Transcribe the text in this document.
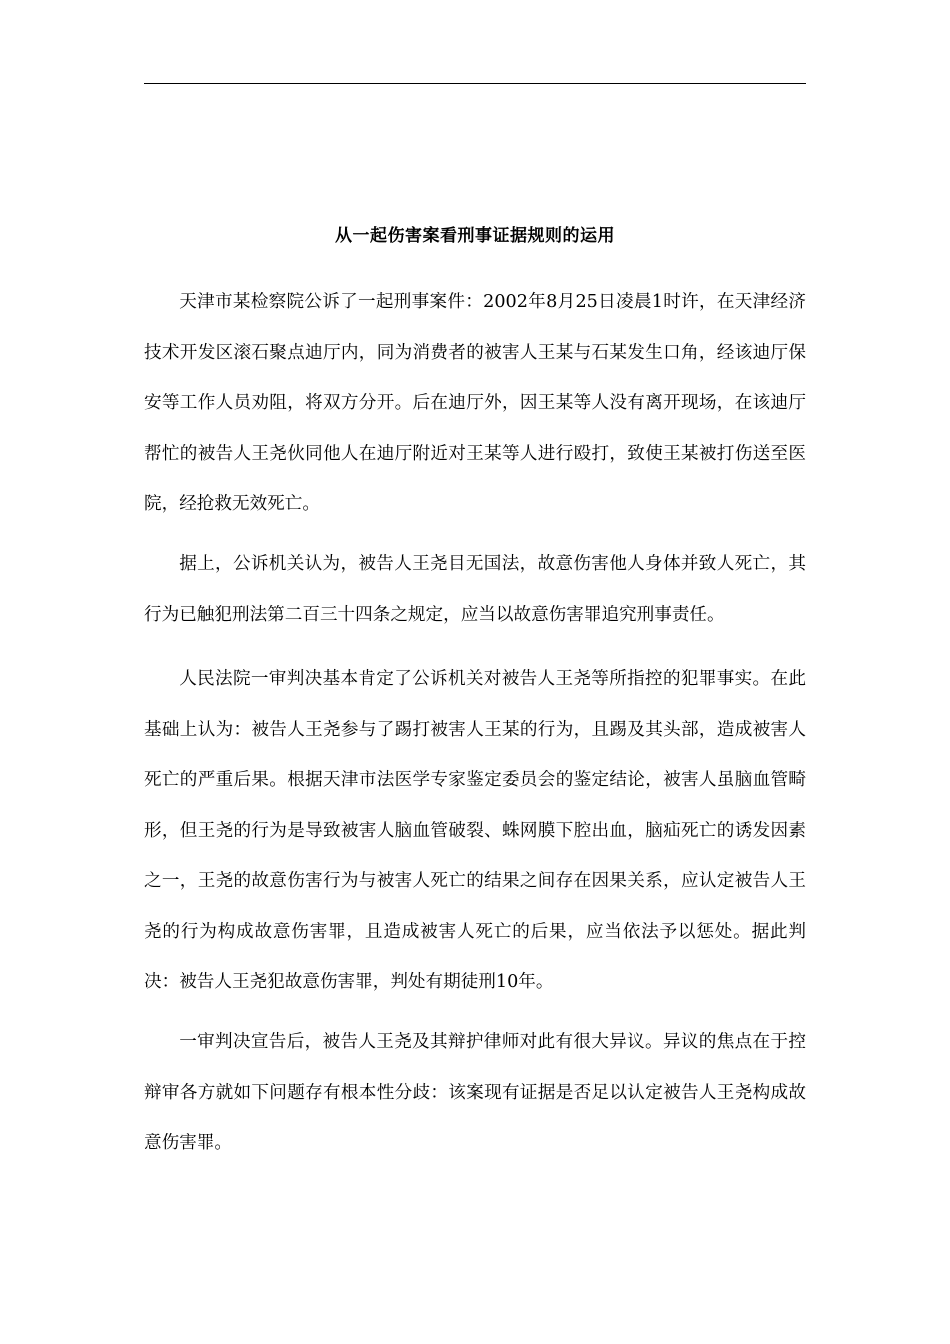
从一起伤害案看刑事证据规则的运用

天津市某检察院公诉了一起刑事案件：2002年8月25日凌晨1时许，在天津经济技术开发区滚石聚点迪厅内，同为消费者的被害人王某与石某发生口角，经该迪厅保安等工作人员劝阻，将双方分开。后在迪厅外，因王某等人没有离开现场，在该迪厅帮忙的被告人王尧伙同他人在迪厅附近对王某等人进行殴打，致使王某被打伤送至医院，经抢救无效死亡。

据上，公诉机关认为，被告人王尧目无国法，故意伤害他人身体并致人死亡，其行为已触犯刑法第二百三十四条之规定，应当以故意伤害罪追究刑事责任。

人民法院一审判决基本肯定了公诉机关对被告人王尧等所指控的犯罪事实。在此基础上认为：被告人王尧参与了踢打被害人王某的行为，且踢及其头部，造成被害人死亡的严重后果。根据天津市法医学专家鉴定委员会的鉴定结论，被害人虽脑血管畸形，但王尧的行为是导致被害人脑血管破裂、蛛网膜下腔出血，脑疝死亡的诱发因素之一，王尧的故意伤害行为与被害人死亡的结果之间存在因果关系，应认定被告人王尧的行为构成故意伤害罪，且造成被害人死亡的后果，应当依法予以惩处。据此判决：被告人王尧犯故意伤害罪，判处有期徒刑10年。

一审判决宣告后，被告人王尧及其辩护律师对此有很大异议。异议的焦点在于控辩审各方就如下问题存有根本性分歧：该案现有证据是否足以认定被告人王尧构成故意伤害罪。
